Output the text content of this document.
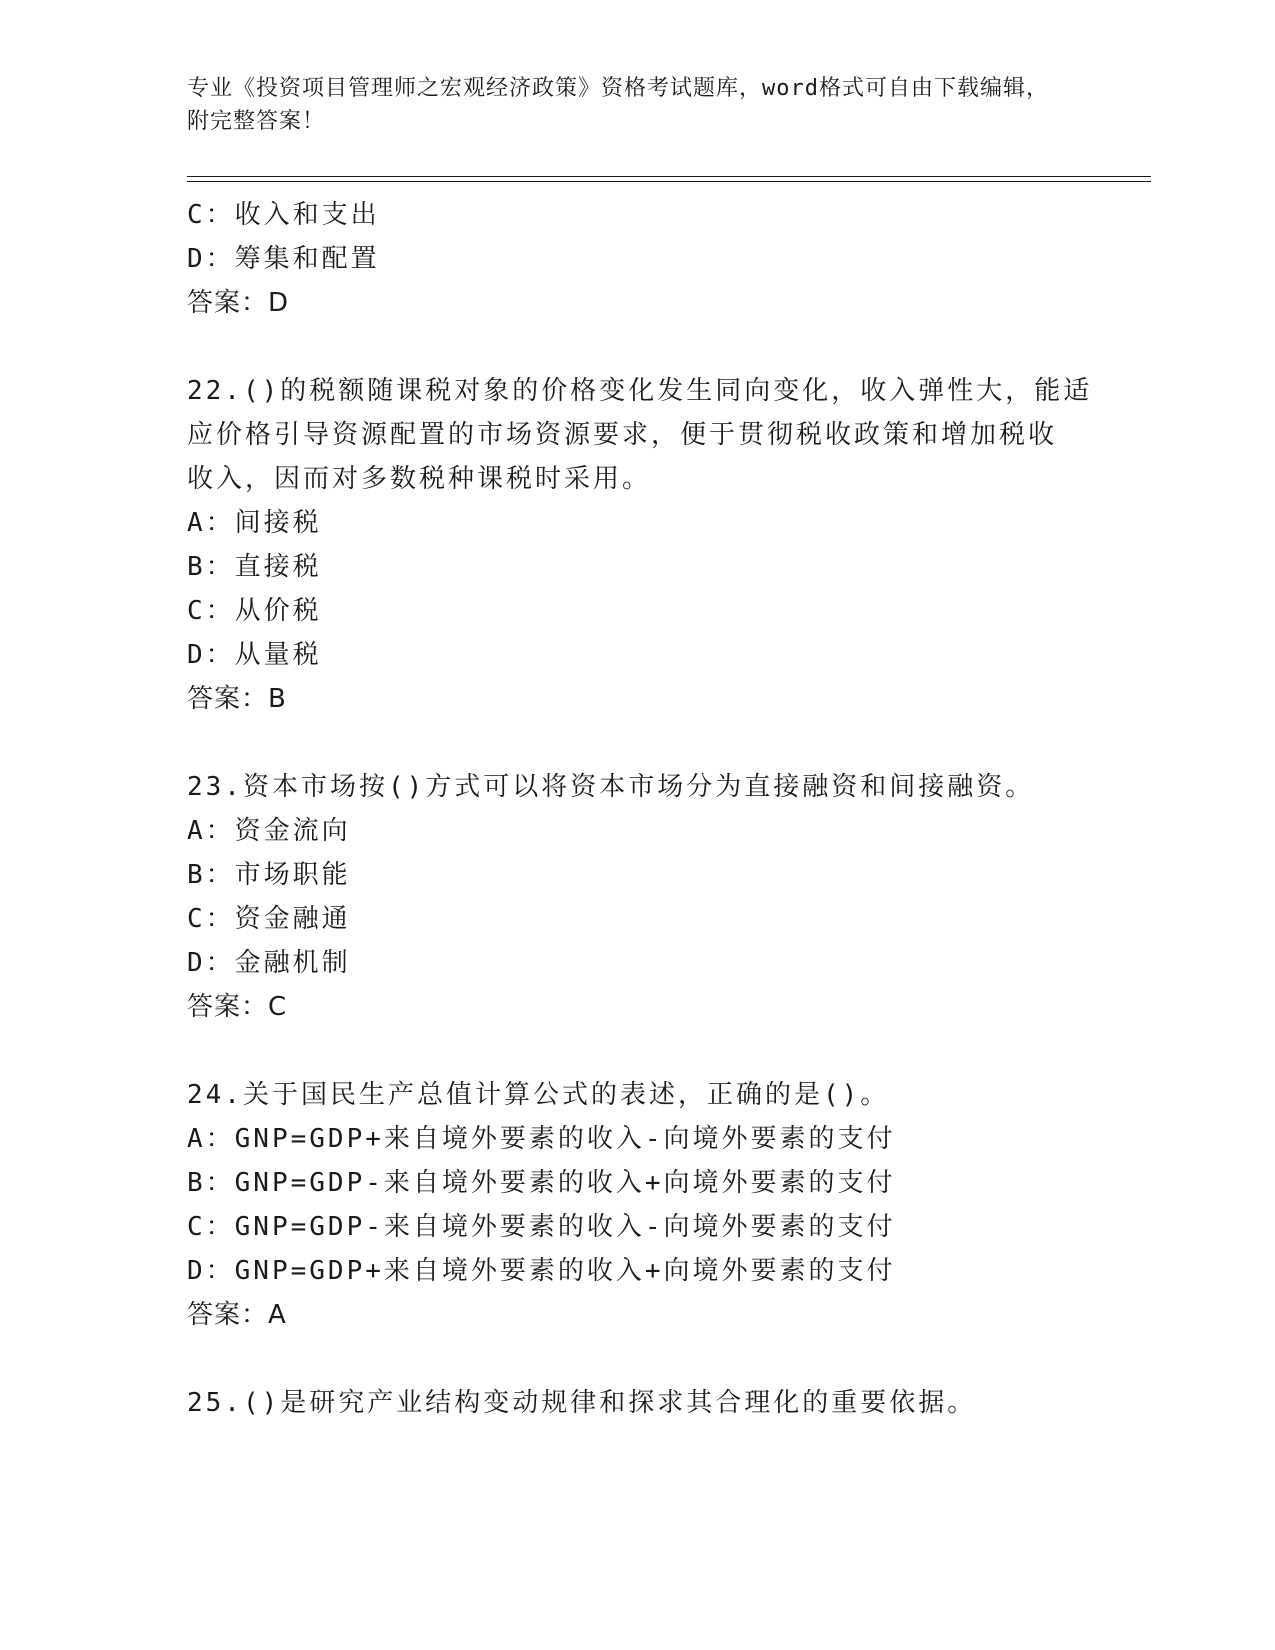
专业《投资项目管理师之宏观经济政策》资格考试题库，word格式可自由下载编辑，附完整答案！
C：收入和支出
D：筹集和配置
答案：D
22.()的税额随课税对象的价格变化发生同向变化，收入弹性大，能适
应价格引导资源配置的市场资源要求，便于贯彻税收政策和增加税收
收入，因而对多数税种课税时采用。
A：间接税
B：直接税
C：从价税
D：从量税
答案：B
23.资本市场按()方式可以将资本市场分为直接融资和间接融资。
A：资金流向
B：市场职能
C：资金融通
D：金融机制
答案：C
24.关于国民生产总值计算公式的表述，正确的是()。
A：GNP=GDP+来自境外要素的收入-向境外要素的支付
B：GNP=GDP-来自境外要素的收入+向境外要素的支付
C：GNP=GDP-来自境外要素的收入-向境外要素的支付
D：GNP=GDP+来自境外要素的收入+向境外要素的支付
答案：A
25.()是研究产业结构变动规律和探求其合理化的重要依据。
